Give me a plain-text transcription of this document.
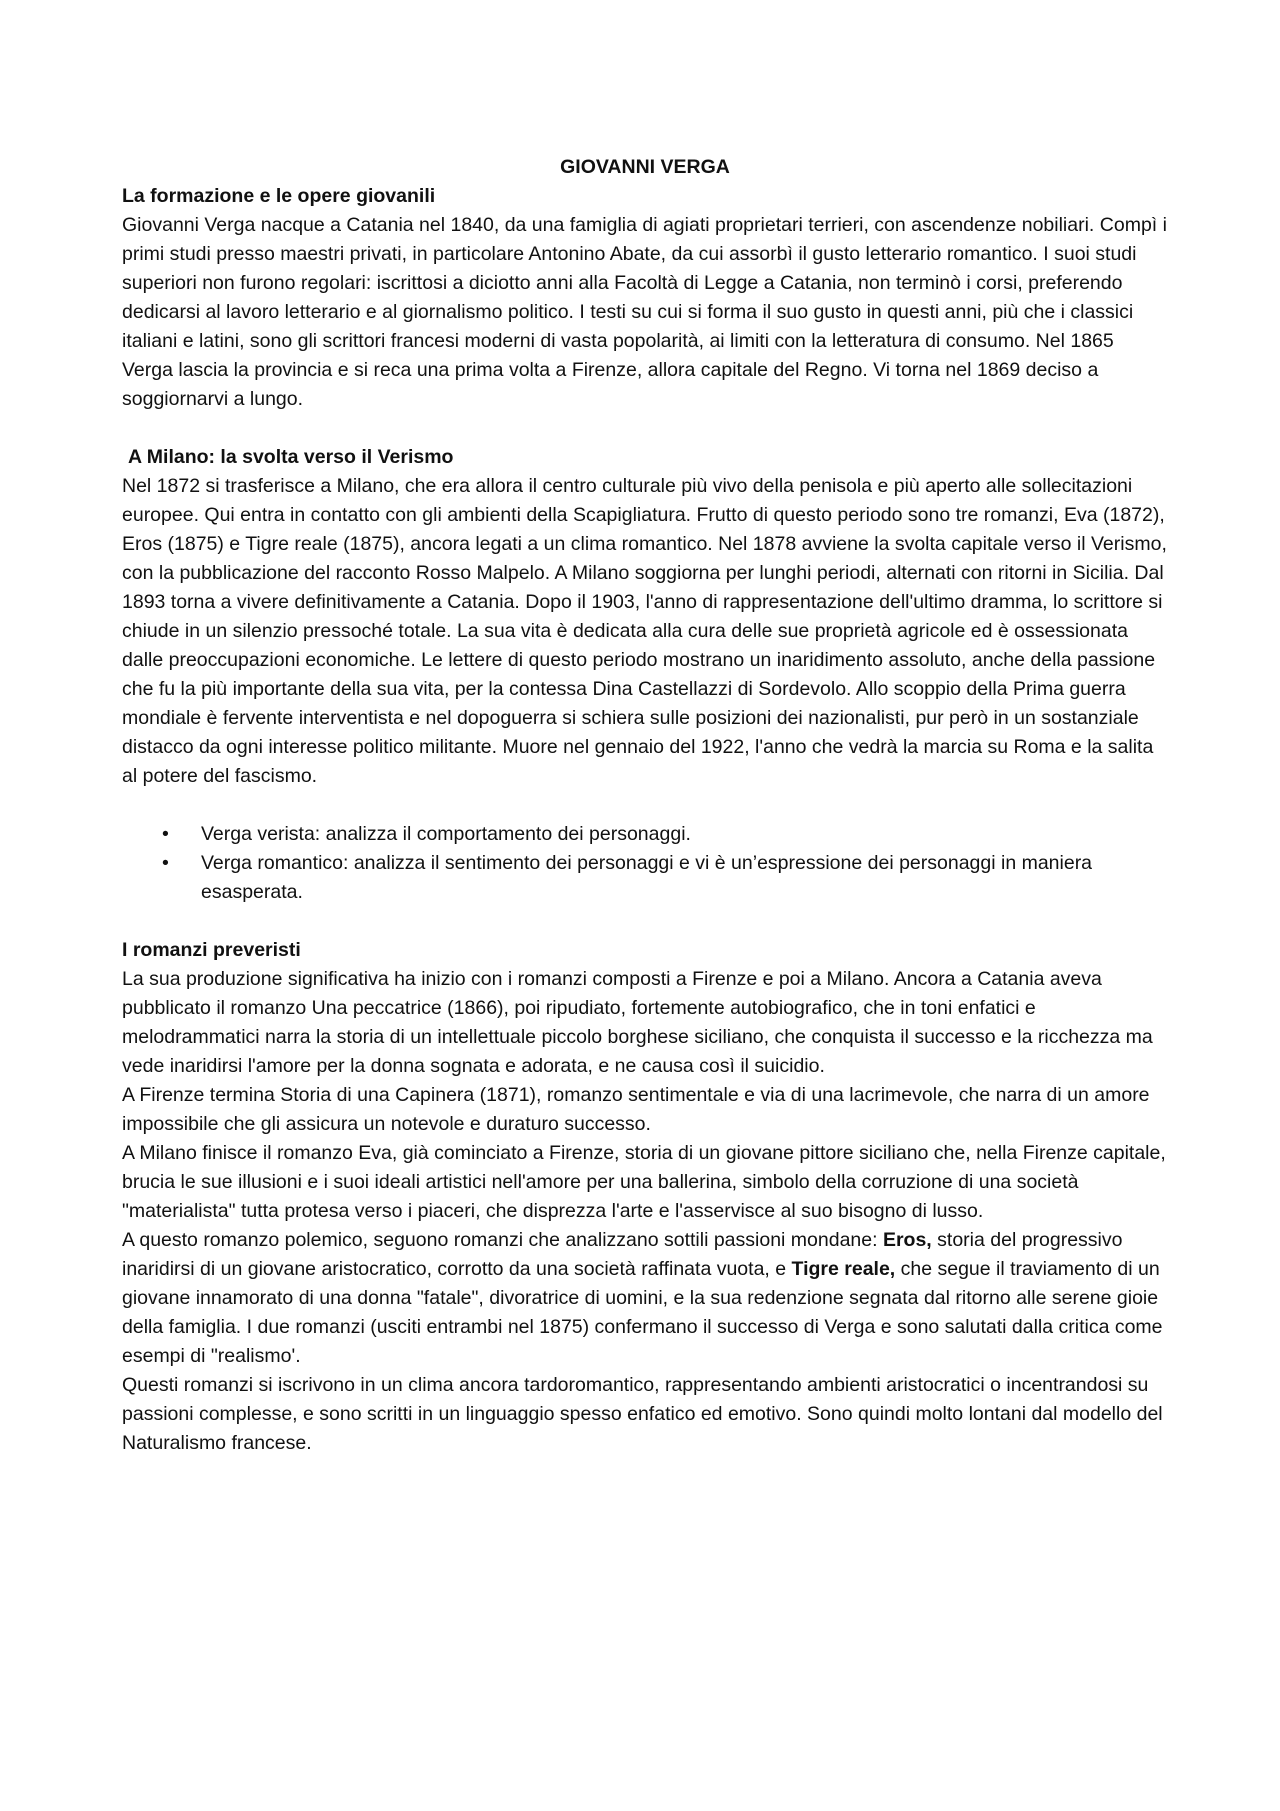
GIOVANNI VERGA

La formazione e le opere giovanili

Giovanni Verga nacque a Catania nel 1840, da una famiglia di agiati proprietari terrieri, con ascendenze nobiliari. Compì i primi studi presso maestri privati, in particolare Antonino Abate, da cui assorbì il gusto letterario romantico. I suoi studi superiori non furono regolari: iscrittosi a diciotto anni alla Facoltà di Legge a Catania, non terminò i corsi, preferendo dedicarsi al lavoro letterario e al giornalismo politico. I testi su cui si forma il suo gusto in questi anni, più che i classici italiani e latini, sono gli scrittori francesi moderni di vasta popolarità, ai limiti con la letteratura di consumo. Nel 1865 Verga lascia la provincia e si reca una prima volta a Firenze, allora capitale del Regno. Vi torna nel 1869 deciso a soggiornarvi a lungo.

A Milano: la svolta verso il Verismo

Nel 1872 si trasferisce a Milano, che era allora il centro culturale più vivo della penisola e più aperto alle sollecitazioni europee. Qui entra in contatto con gli ambienti della Scapigliatura. Frutto di questo periodo sono tre romanzi, Eva (1872), Eros (1875) e Tigre reale (1875), ancora legati a un clima romantico. Nel 1878 avviene la svolta capitale verso il Verismo, con la pubblicazione del racconto Rosso Malpelo. A Milano soggiorna per lunghi periodi, alternati con ritorni in Sicilia. Dal 1893 torna a vivere definitivamente a Catania. Dopo il 1903, l'anno di rappresentazione dell'ultimo dramma, lo scrittore si chiude in un silenzio pressoché totale. La sua vita è dedicata alla cura delle sue proprietà agricole ed è ossessionata dalle preoccupazioni economiche. Le lettere di questo periodo mostrano un inaridimento assoluto, anche della passione che fu la più importante della sua vita, per la contessa Dina Castellazzi di Sordevolo. Allo scoppio della Prima guerra mondiale è fervente interventista e nel dopoguerra si schiera sulle posizioni dei nazionalisti, pur però in un sostanziale distacco da ogni interesse politico militante. Muore nel gennaio del 1922, l'anno che vedrà la marcia su Roma e la salita al potere del fascismo.

• Verga verista: analizza il comportamento dei personaggi.
• Verga romantico: analizza il sentimento dei personaggi e vi è un’espressione dei personaggi in maniera esasperata.

I romanzi preveristi

La sua produzione significativa ha inizio con i romanzi composti a Firenze e poi a Milano. Ancora a Catania aveva pubblicato il romanzo Una peccatrice (1866), poi ripudiato, fortemente autobiografico, che in toni enfatici e melodrammatici narra la storia di un intellettuale piccolo borghese siciliano, che conquista il successo e la ricchezza ma vede inaridirsi l'amore per la donna sognata e adorata, e ne causa così il suicidio.

A Firenze termina Storia di una Capinera (1871), romanzo sentimentale e via di una lacrimevole, che narra di un amore impossibile che gli assicura un notevole e duraturo successo.

A Milano finisce il romanzo Eva, già cominciato a Firenze, storia di un giovane pittore siciliano che, nella Firenze capitale, brucia le sue illusioni e i suoi ideali artistici nell'amore per una ballerina, simbolo della corruzione di una società "materialista" tutta protesa verso i piaceri, che disprezza l'arte e l'asservisce al suo bisogno di lusso.

A questo romanzo polemico, seguono romanzi che analizzano sottili passioni mondane: Eros, storia del progressivo inaridirsi di un giovane aristocratico, corrotto da una società raffinata vuota, e Tigre reale, che segue il traviamento di un giovane innamorato di una donna "fatale", divoratrice di uomini, e la sua redenzione segnata dal ritorno alle serene gioie della famiglia. I due romanzi (usciti entrambi nel 1875) confermano il successo di Verga e sono salutati dalla critica come esempi di "realismo'.

Questi romanzi si iscrivono in un clima ancora tardoromantico, rappresentando ambienti aristocratici o incentrandosi su passioni complesse, e sono scritti in un linguaggio spesso enfatico ed emotivo. Sono quindi molto lontani dal modello del Naturalismo francese.
